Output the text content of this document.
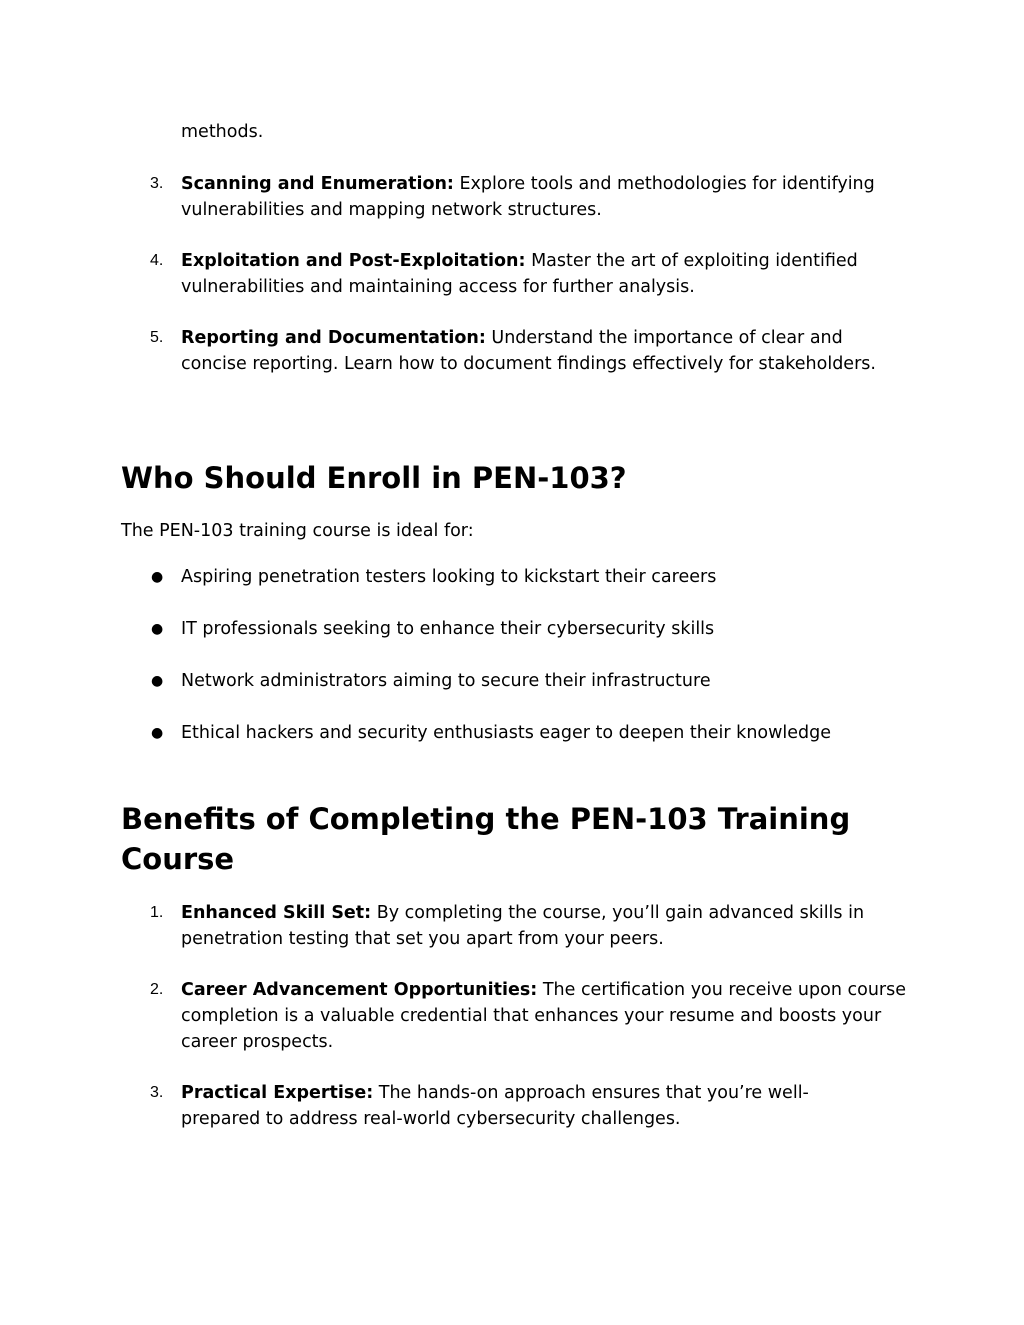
methods.
3. Scanning and Enumeration: Explore tools and methodologies for identifying vulnerabilities and mapping network structures.
4. Exploitation and Post-Exploitation: Master the art of exploiting identified vulnerabilities and maintaining access for further analysis.
5. Reporting and Documentation: Understand the importance of clear and concise reporting. Learn how to document findings effectively for stakeholders.
Who Should Enroll in PEN-103?

The PEN-103 training course is ideal for:

● Aspiring penetration testers looking to kickstart their careers
● IT professionals seeking to enhance their cybersecurity skills
● Network administrators aiming to secure their infrastructure
● Ethical hackers and security enthusiasts eager to deepen their knowledge
Benefits of Completing the PEN-103 Training Course
1. Enhanced Skill Set: By completing the course, you’ll gain advanced skills in penetration testing that set you apart from your peers.
2. Career Advancement Opportunities: The certification you receive upon course completion is a valuable credential that enhances your resume and boosts your career prospects.
3. Practical Expertise: The hands-on approach ensures that you’re well-prepared to address real-world cybersecurity challenges.
